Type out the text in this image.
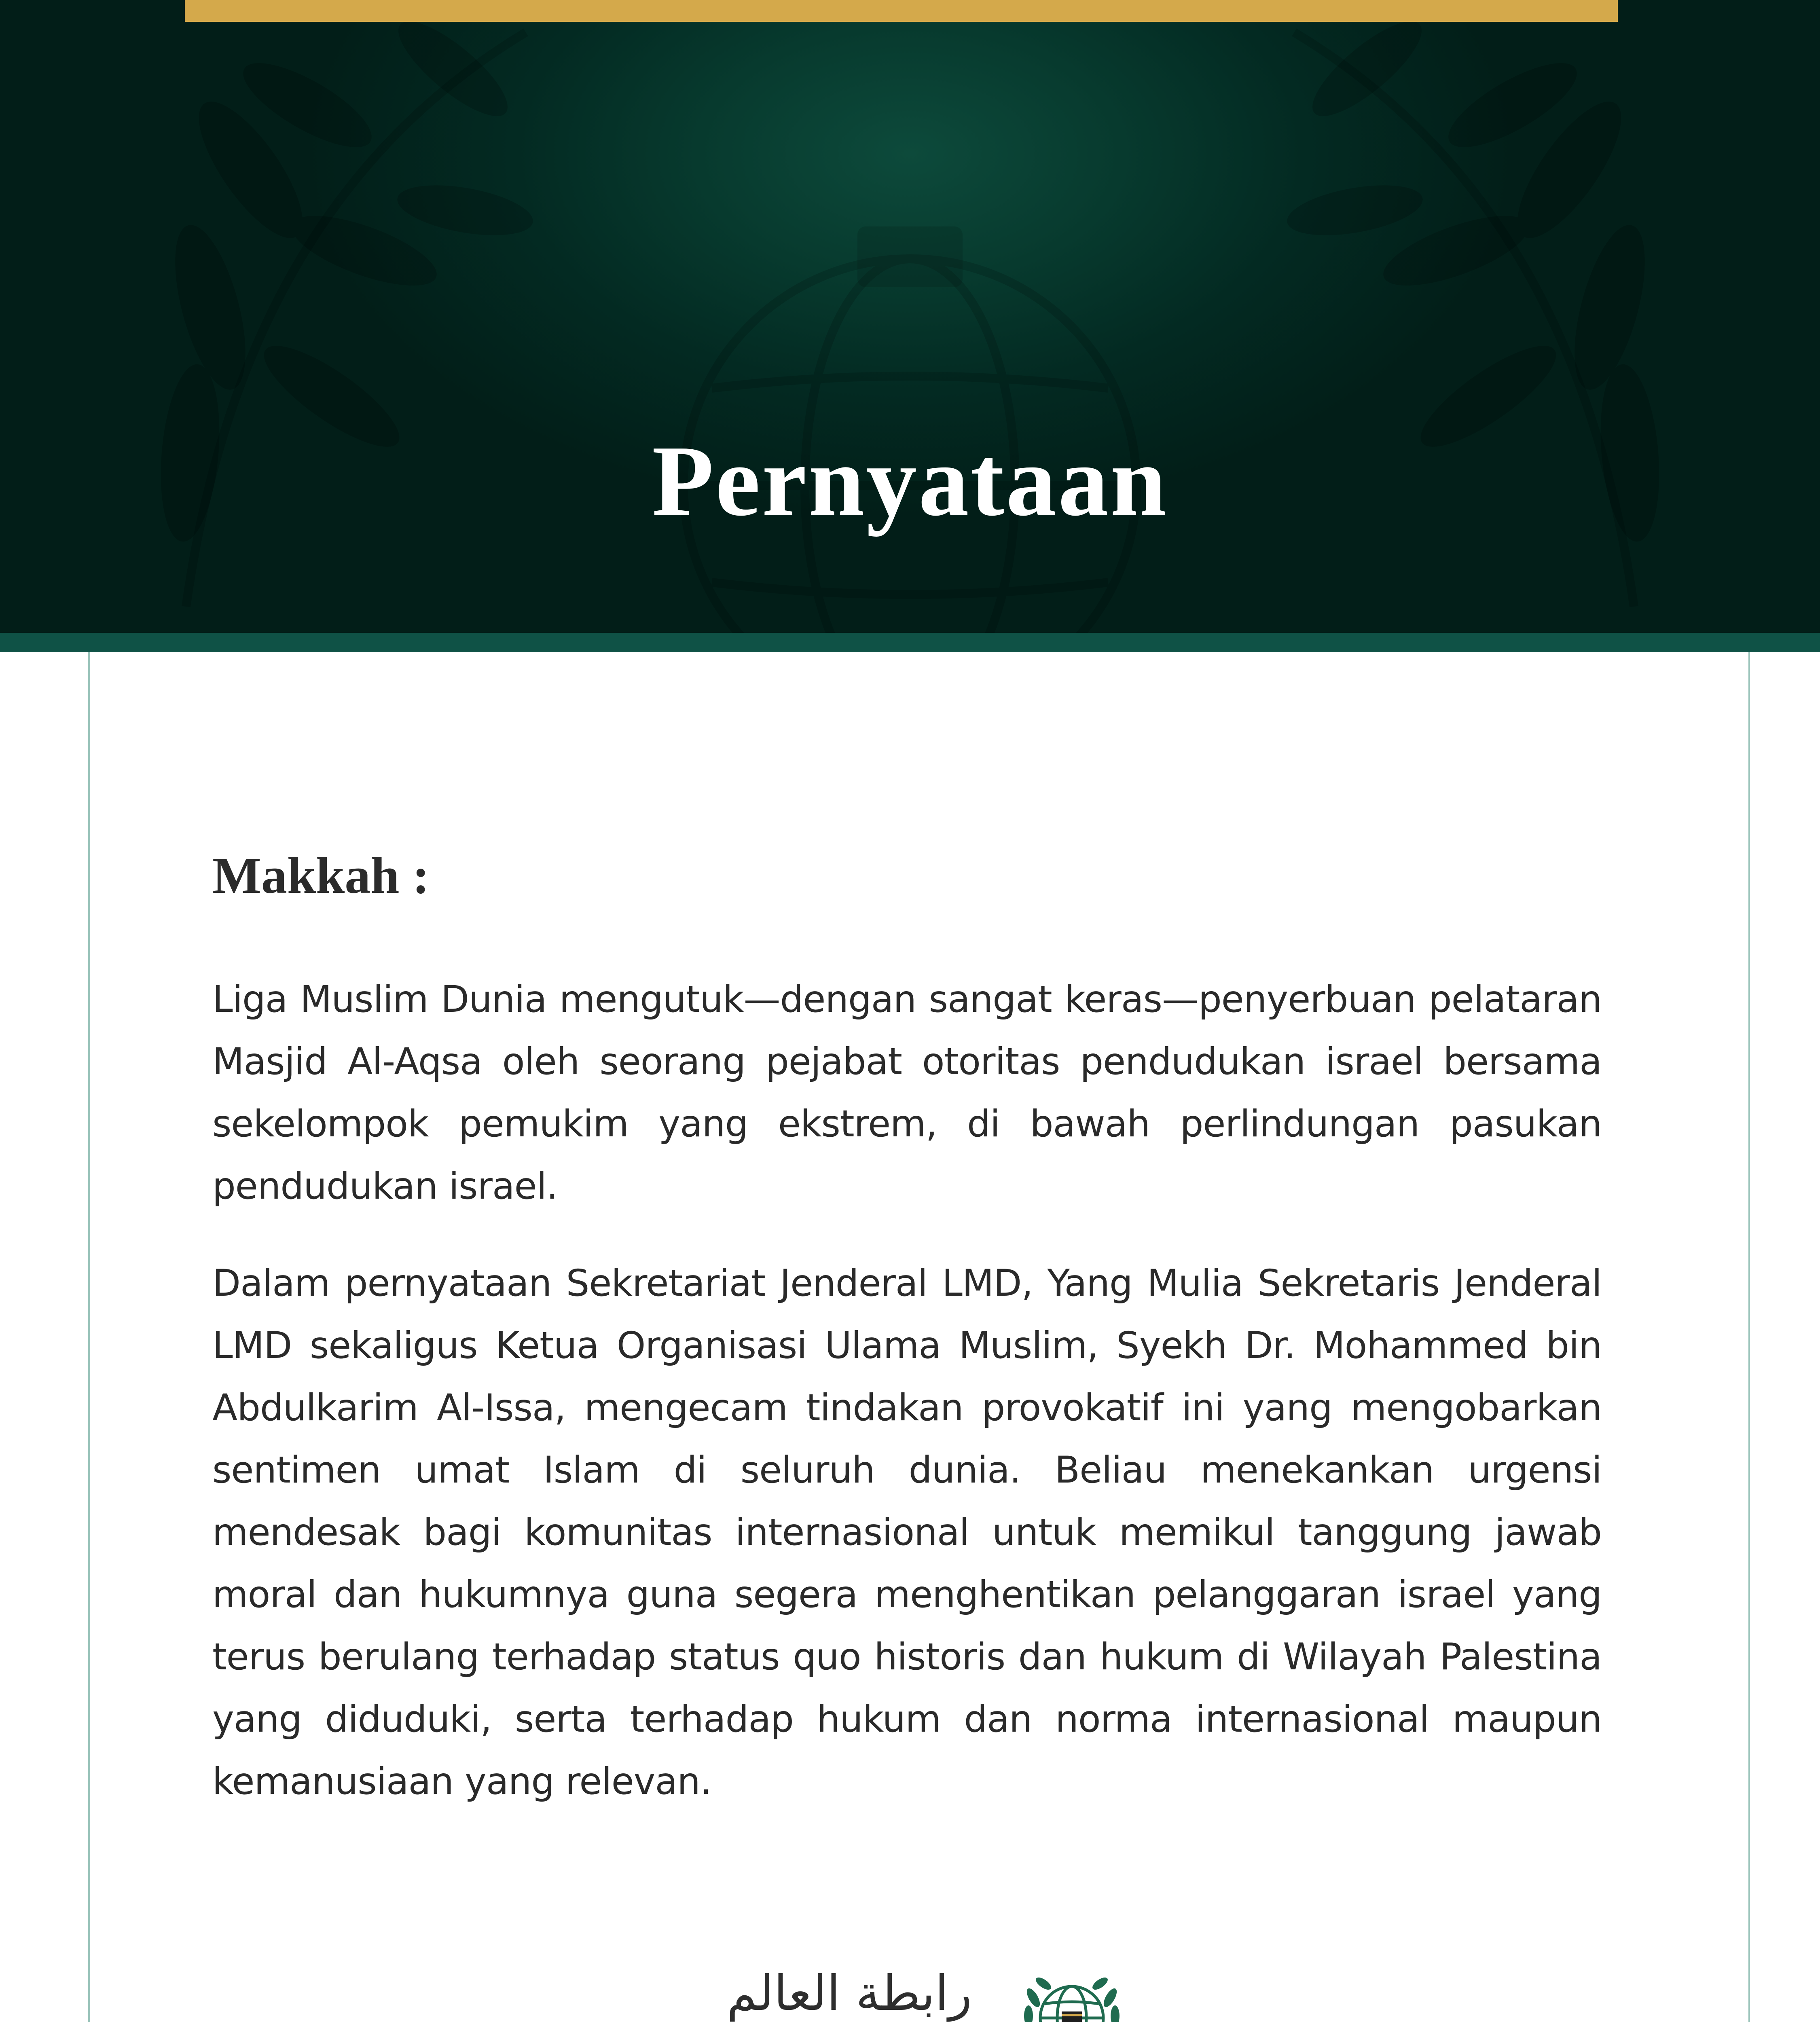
Pernyataan
Makkah :

Liga Muslim Dunia mengutuk—dengan sangat keras—penyerbuan pelataran Masjid Al-Aqsa oleh seorang pejabat otoritas pendudukan israel bersama sekelompok pemukim yang ekstrem, di bawah perlindungan pasukan pendudukan israel.

Dalam pernyataan Sekretariat Jenderal LMD, Yang Mulia Sekretaris Jenderal LMD sekaligus Ketua Organisasi Ulama Muslim, Syekh Dr. Mohammed bin Abdulkarim Al-Issa, mengecam tindakan provokatif ini yang mengobarkan sentimen umat Islam di seluruh dunia. Beliau menekankan urgensi mendesak bagi komunitas internasional untuk memikul tanggung jawab moral dan hukumnya guna segera menghentikan pelanggaran israel yang terus berulang terhadap status quo historis dan hukum di Wilayah Palestina yang diduduki, serta terhadap hukum dan norma internasional maupun kemanusiaan yang relevan.

رابطة العالم
